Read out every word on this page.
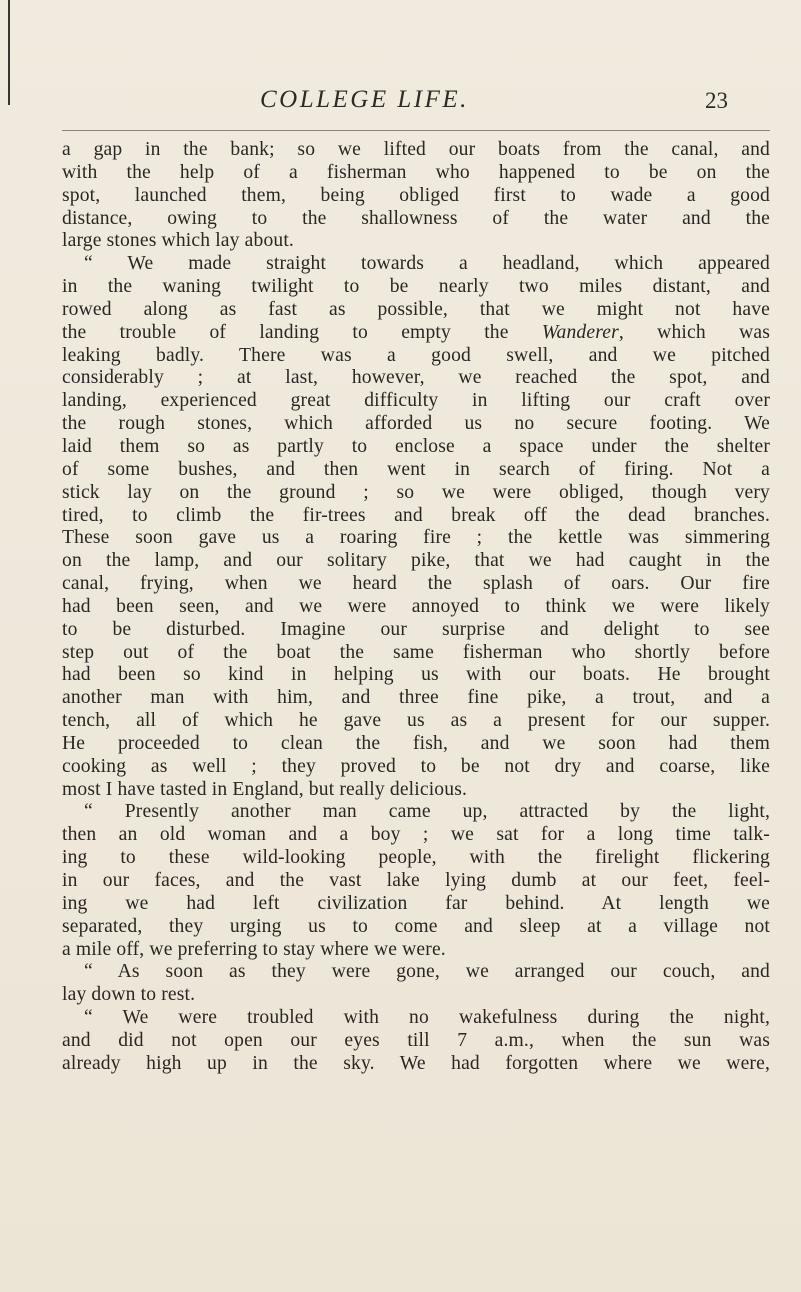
COLLEGE LIFE.	23
a gap in the bank; so we lifted our boats from the canal, and
with the help of a fisherman who happened to be on the
spot, launched them, being obliged first to wade a good
distance, owing to the shallowness of the water and the
large stones which lay about.
“ We made straight towards a headland, which appeared
in the waning twilight to be nearly two miles distant, and
rowed along as fast as possible, that we might not have
the trouble of landing to empty the Wanderer, which was
leaking badly. There was a good swell, and we pitched
considerably ; at last, however, we reached the spot, and
landing, experienced great difficulty in lifting our craft over
the rough stones, which afforded us no secure footing. We
laid them so as partly to enclose a space under the shelter
of some bushes, and then went in search of firing. Not a
stick lay on the ground ; so we were obliged, though very
tired, to climb the fir-trees and break off the dead branches.
These soon gave us a roaring fire ; the kettle was simmering
on the lamp, and our solitary pike, that we had caught in the
canal, frying, when we heard the splash of oars. Our fire
had been seen, and we were annoyed to think we were likely
to be disturbed. Imagine our surprise and delight to see
step out of the boat the same fisherman who shortly before
had been so kind in helping us with our boats. He brought
another man with him, and three fine pike, a trout, and a
tench, all of which he gave us as a present for our supper.
He proceeded to clean the fish, and we soon had them
cooking as well ; they proved to be not dry and coarse, like
most I have tasted in England, but really delicious.
“ Presently another man came up, attracted by the light,
then an old woman and a boy ; we sat for a long time talk-
ing to these wild-looking people, with the firelight flickering
in our faces, and the vast lake lying dumb at our feet, feel-
ing we had left civilization far behind. At length we
separated, they urging us to come and sleep at a village not
a mile off, we preferring to stay where we were.
“ As soon as they were gone, we arranged our couch, and
lay down to rest.
“ We were troubled with no wakefulness during the night,
and did not open our eyes till 7 a.m., when the sun was
already high up in the sky. We had forgotten where we were,
